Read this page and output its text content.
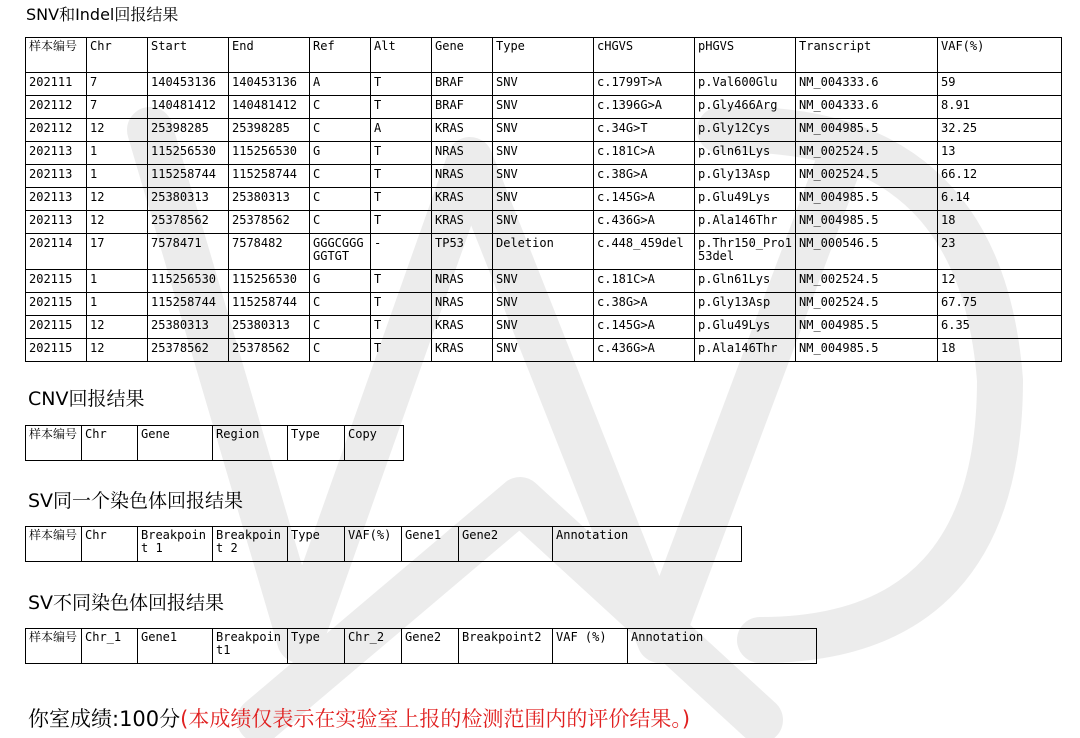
SNV和Indel回报结果
样本编号	Chr	Start	End	Ref	Alt	Gene	Type	cHGVS	pHGVS	Transcript	VAF(%)
202111	7	140453136	140453136	A	T	BRAF	SNV	c.1799T>A	p.Val600Glu	NM_004333.6	59
202112	7	140481412	140481412	C	T	BRAF	SNV	c.1396G>A	p.Gly466Arg	NM_004333.6	8.91
202112	12	25398285	25398285	C	A	KRAS	SNV	c.34G>T	p.Gly12Cys	NM_004985.5	32.25
202113	1	115256530	115256530	G	T	NRAS	SNV	c.181C>A	p.Gln61Lys	NM_002524.5	13
202113	1	115258744	115258744	C	T	NRAS	SNV	c.38G>A	p.Gly13Asp	NM_002524.5	66.12
202113	12	25380313	25380313	C	T	KRAS	SNV	c.145G>A	p.Glu49Lys	NM_004985.5	6.14
202113	12	25378562	25378562	C	T	KRAS	SNV	c.436G>A	p.Ala146Thr	NM_004985.5	18
202114	17	7578471	7578482	GGGCGGGGGTGT	-	TP53	Deletion	c.448_459del	p.Thr150_Pro153del	NM_000546.5	23
202115	1	115256530	115256530	G	T	NRAS	SNV	c.181C>A	p.Gln61Lys	NM_002524.5	12
202115	1	115258744	115258744	C	T	NRAS	SNV	c.38G>A	p.Gly13Asp	NM_002524.5	67.75
202115	12	25380313	25380313	C	T	KRAS	SNV	c.145G>A	p.Glu49Lys	NM_004985.5	6.35
202115	12	25378562	25378562	C	T	KRAS	SNV	c.436G>A	p.Ala146Thr	NM_004985.5	18
CNV回报结果
样本编号	Chr	Gene	Region	Type	Copy
SV同一个染色体回报结果
样本编号	Chr	Breakpoint 1	Breakpoint 2	Type	VAF(%)	Gene1	Gene2	Annotation
SV不同染色体回报结果
样本编号	Chr_1	Gene1	Breakpoint1	Type	Chr_2	Gene2	Breakpoint2	VAF (%)	Annotation
你室成绩:100分(本成绩仅表示在实验室上报的检测范围内的评价结果。)
